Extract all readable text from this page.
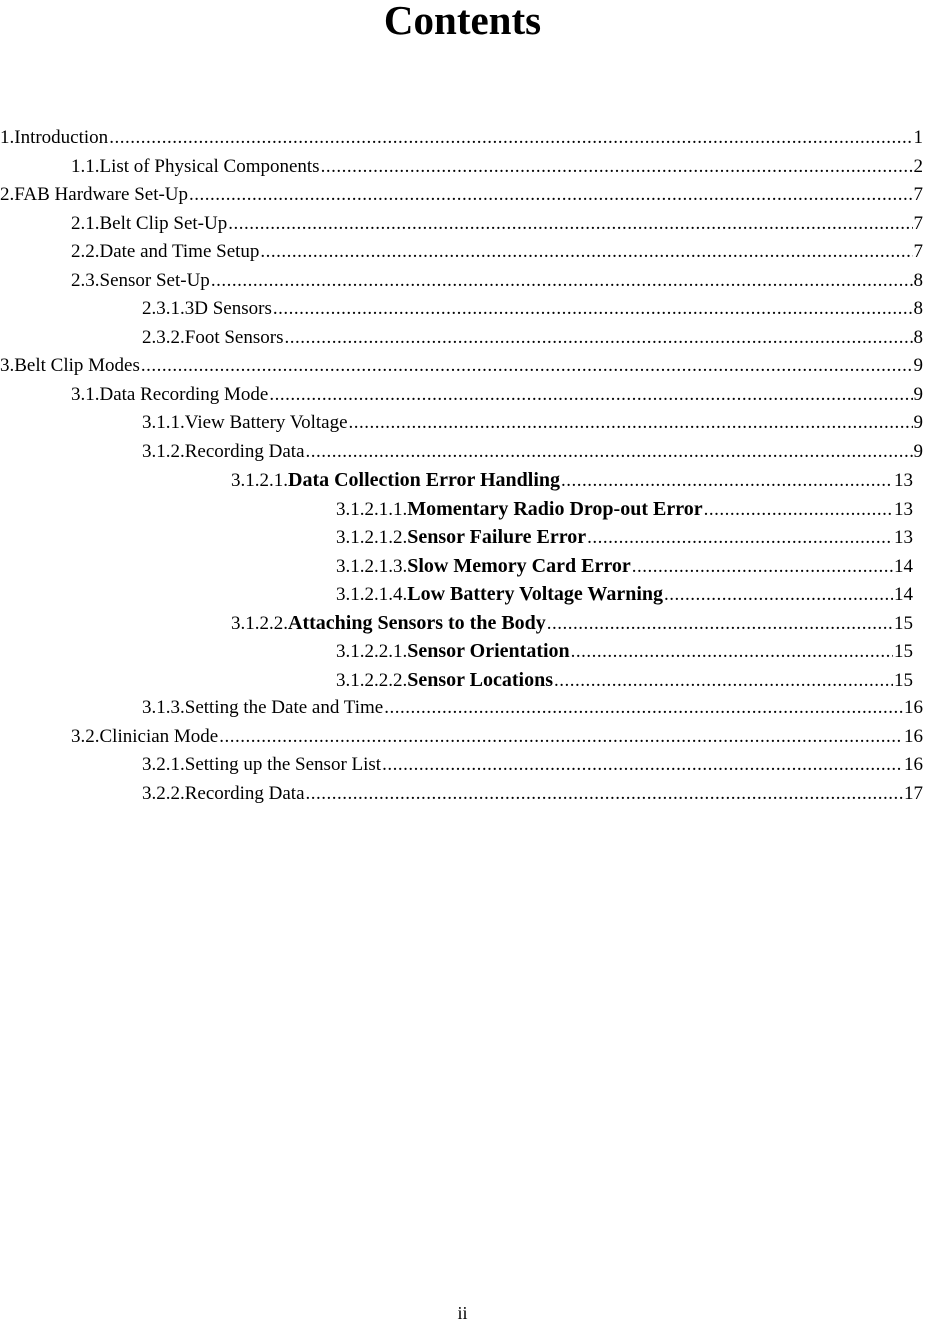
Contents
1. Introduction .....	1
1.1. List of Physical Components .....	2
2. FAB Hardware Set-Up .....	7
2.1. Belt Clip Set-Up .....	7
2.2. Date and Time Setup .....	7
2.3. Sensor Set-Up .....	8
2.3.1. 3D Sensors .....	8
2.3.2. Foot Sensors .....	8
3. Belt Clip Modes .....	9
3.1. Data Recording Mode .....	9
3.1.1. View Battery Voltage .....	9
3.1.2. Recording Data .....	9
3.1.2.1. Data Collection Error Handling .....	13
3.1.2.1.1. Momentary Radio Drop-out Error .....	13
3.1.2.1.2. Sensor Failure Error .....	13
3.1.2.1.3. Slow Memory Card Error .....	14
3.1.2.1.4. Low Battery Voltage Warning .....	14
3.1.2.2. Attaching Sensors to the Body .....	15
3.1.2.2.1. Sensor Orientation .....	15
3.1.2.2.2. Sensor Locations .....	15
3.1.3. Setting the Date and Time .....	16
3.2. Clinician Mode .....	16
3.2.1. Setting up the Sensor List .....	16
3.2.2. Recording Data .....	17
ii
